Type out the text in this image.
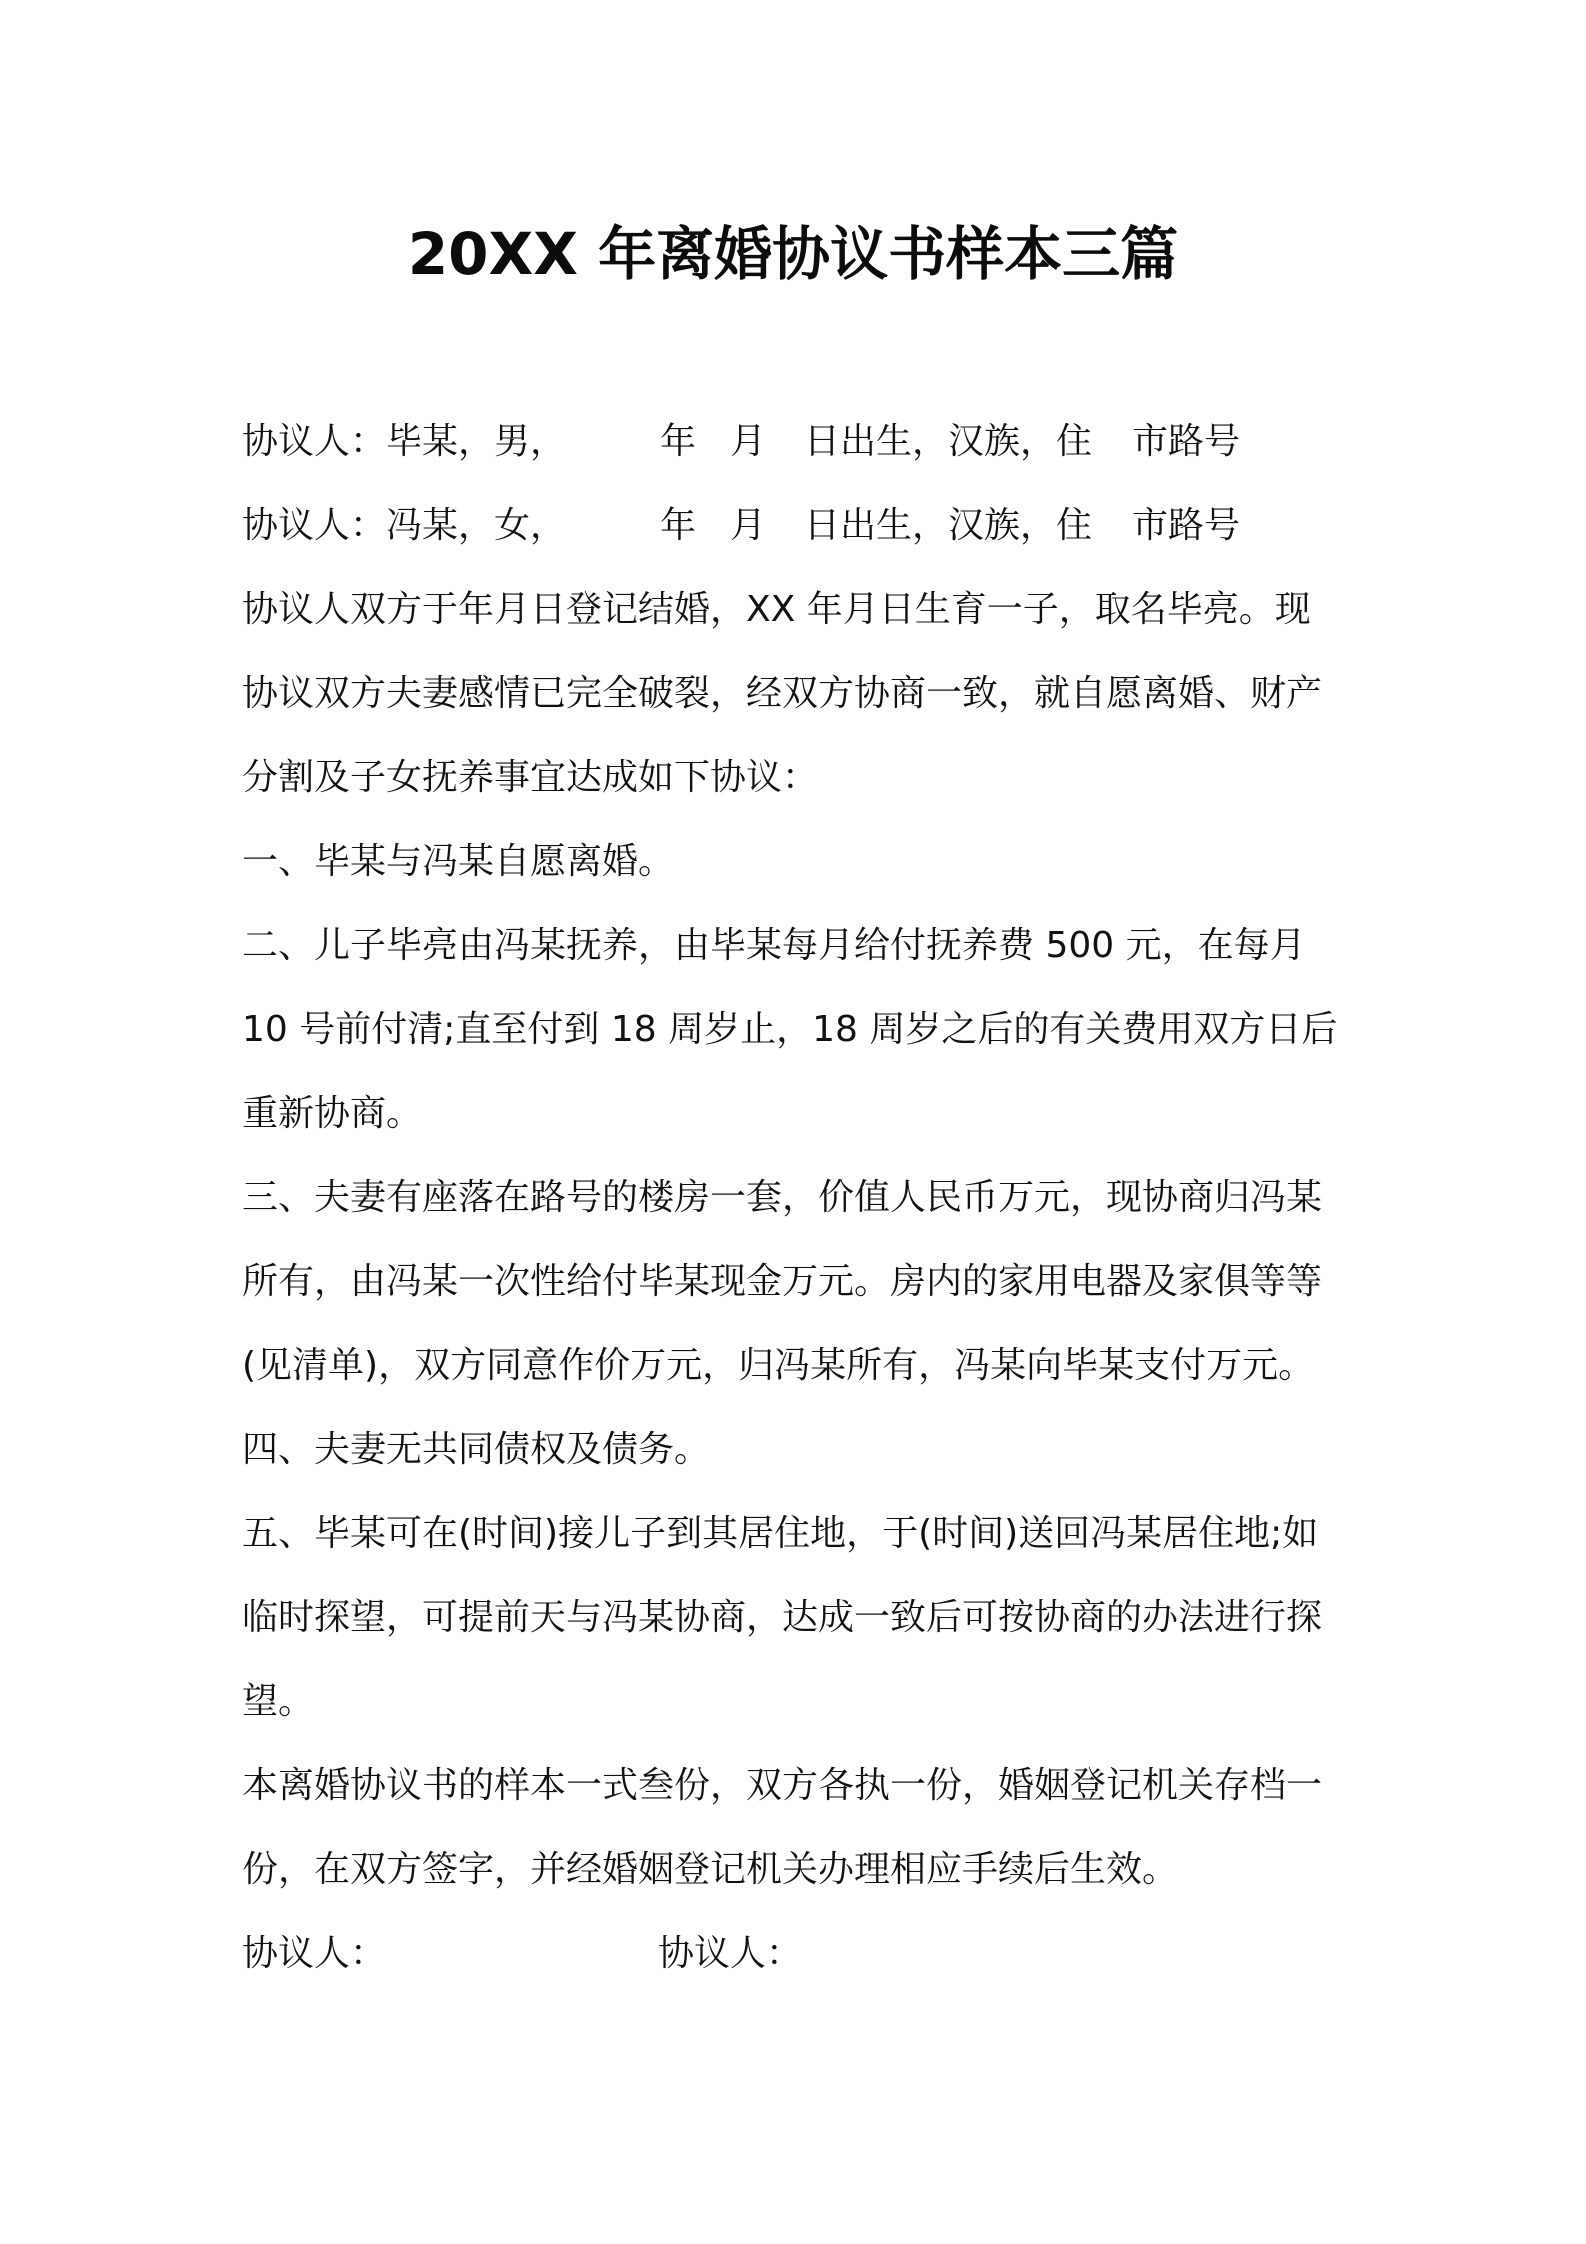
20XX 年离婚协议书样本三篇
协议人：毕某，男，	年 月 日出生，汉族，住 市路号
协议人：冯某，女，	年 月 日出生，汉族，住 市路号
协议人双方于年月日登记结婚，XX 年月日生育一子，取名毕亮。现
协议双方夫妻感情已完全破裂，经双方协商一致，就自愿离婚、财产
分割及子女抚养事宜达成如下协议：
一、毕某与冯某自愿离婚。
二、儿子毕亮由冯某抚养，由毕某每月给付抚养费 500 元，在每月
10 号前付清;直至付到 18 周岁止，18 周岁之后的有关费用双方日后
重新协商。
三、夫妻有座落在路号的楼房一套，价值人民币万元，现协商归冯某
所有，由冯某一次性给付毕某现金万元。房内的家用电器及家俱等等
(见清单)，双方同意作价万元，归冯某所有，冯某向毕某支付万元。
四、夫妻无共同债权及债务。
五、毕某可在(时间)接儿子到其居住地，于(时间)送回冯某居住地;如
临时探望，可提前天与冯某协商，达成一致后可按协商的办法进行探
望。
本离婚协议书的样本一式叁份，双方各执一份，婚姻登记机关存档一
份，在双方签字，并经婚姻登记机关办理相应手续后生效。
协议人：	协议人：
